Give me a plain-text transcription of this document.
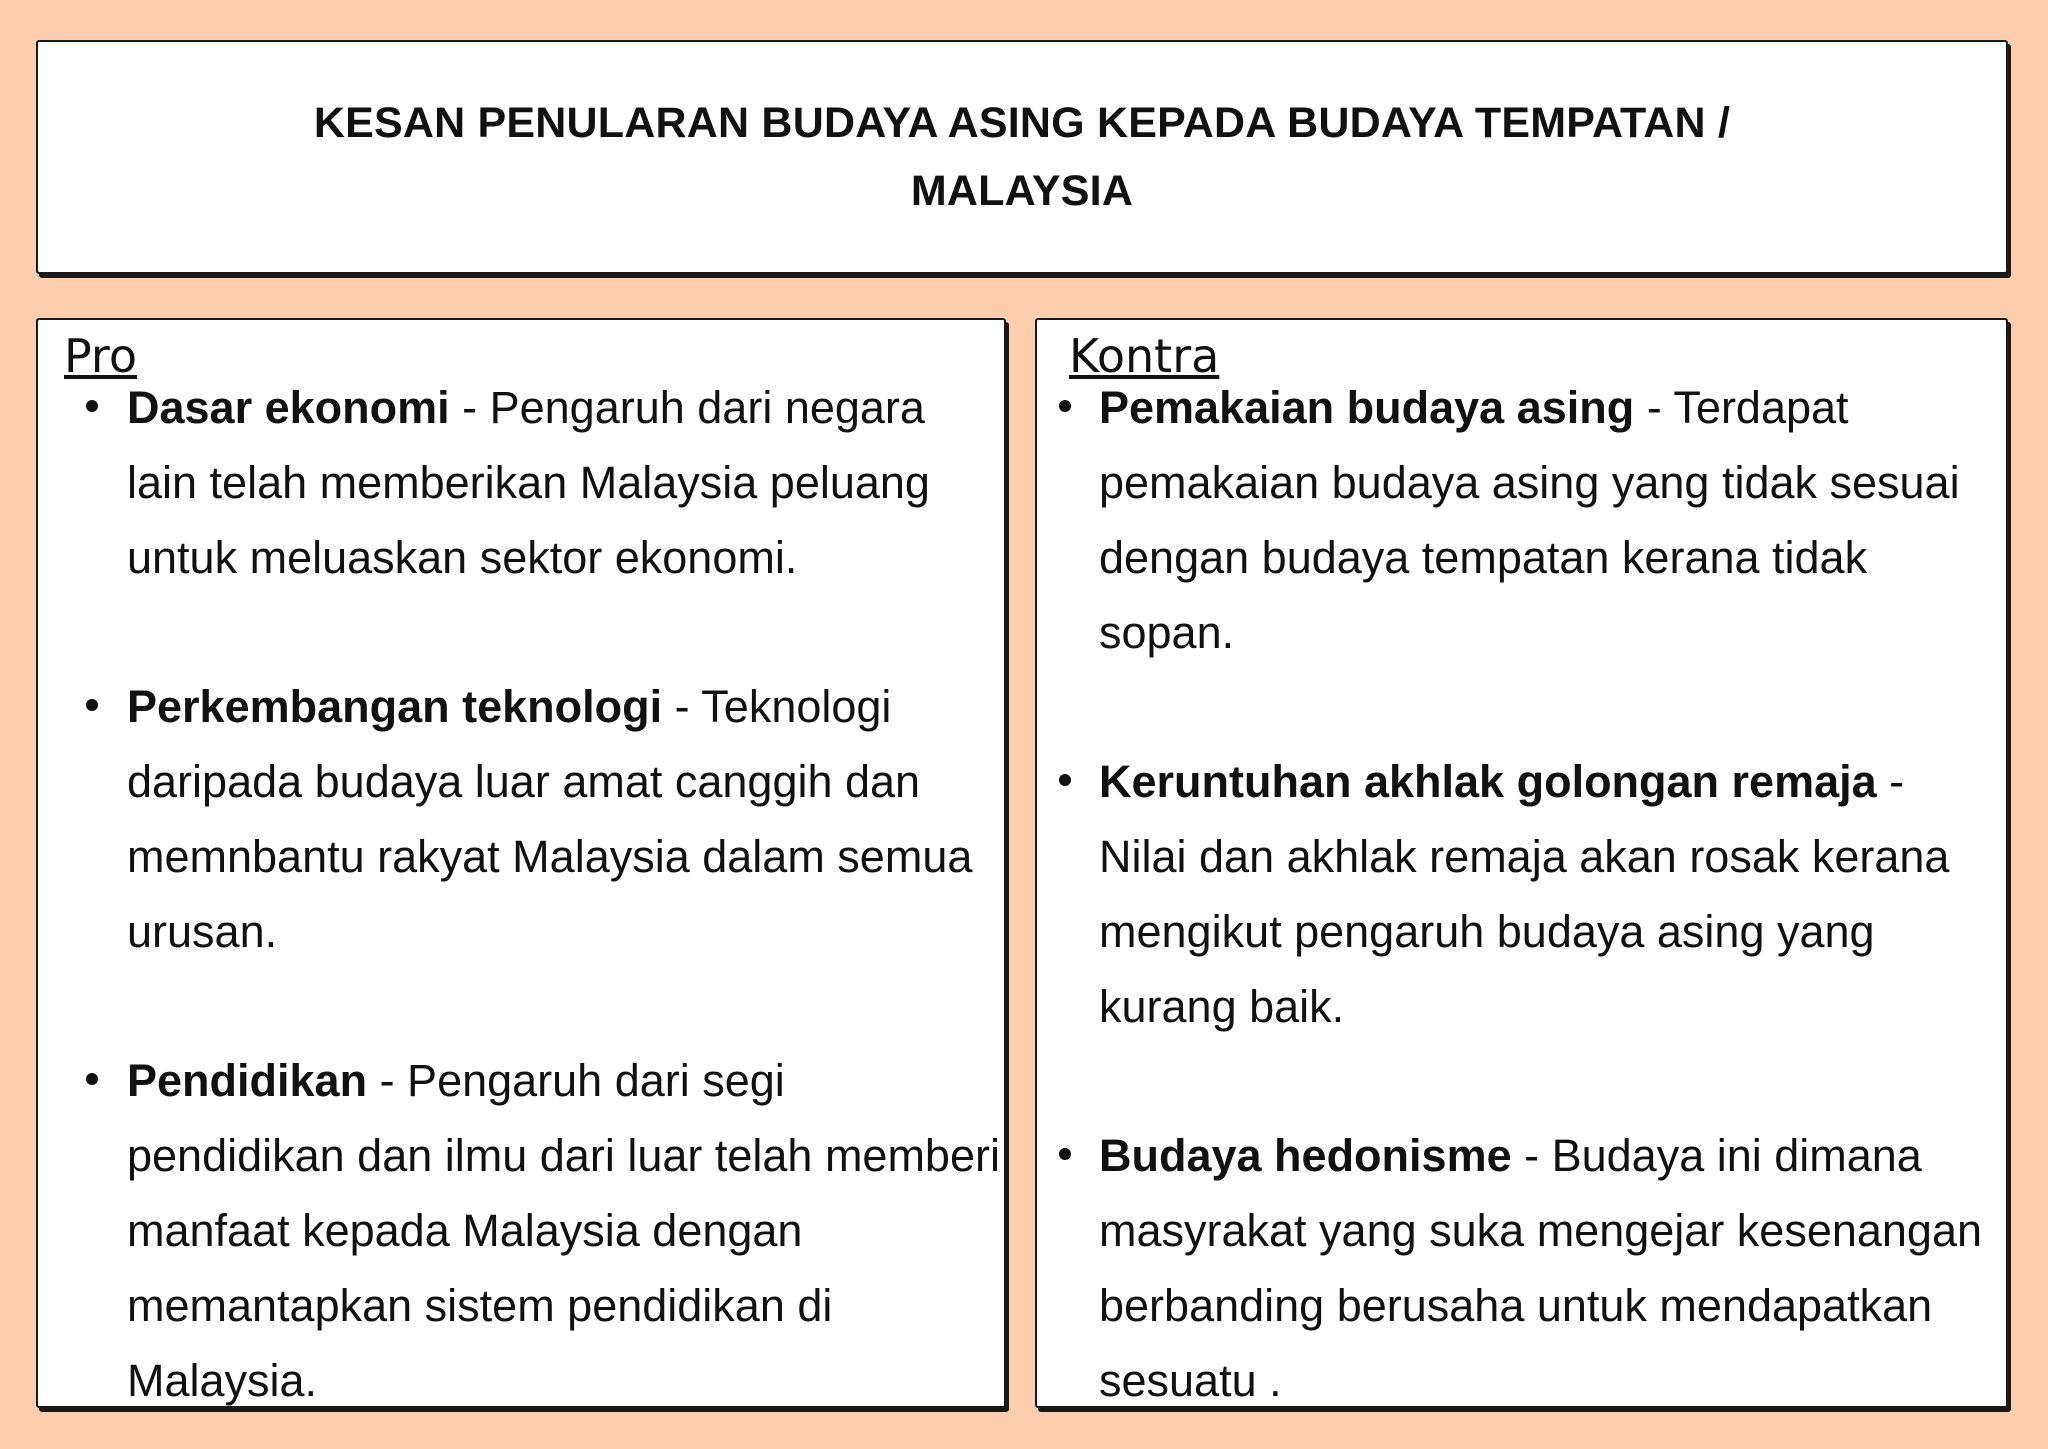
KESAN PENULARAN BUDAYA ASING KEPADA BUDAYA TEMPATAN /
MALAYSIA
Pro
Dasar ekonomi - Pengaruh dari negara lain telah memberikan Malaysia peluang untuk meluaskan sektor ekonomi.
Perkembangan teknologi - Teknologi daripada budaya luar amat canggih dan memnbantu rakyat Malaysia dalam semua urusan.
Pendidikan - Pengaruh dari segi pendidikan dan ilmu dari luar telah memberi manfaat kepada Malaysia dengan memantapkan sistem pendidikan di Malaysia.
Kontra
Pemakaian budaya asing - Terdapat pemakaian budaya asing yang tidak sesuai dengan budaya tempatan kerana tidak sopan.
Keruntuhan akhlak golongan remaja - Nilai dan akhlak remaja akan rosak kerana mengikut pengaruh budaya asing yang kurang baik.
Budaya hedonisme - Budaya ini dimana masyrakat yang suka mengejar kesenangan berbanding berusaha untuk mendapatkan sesuatu .
